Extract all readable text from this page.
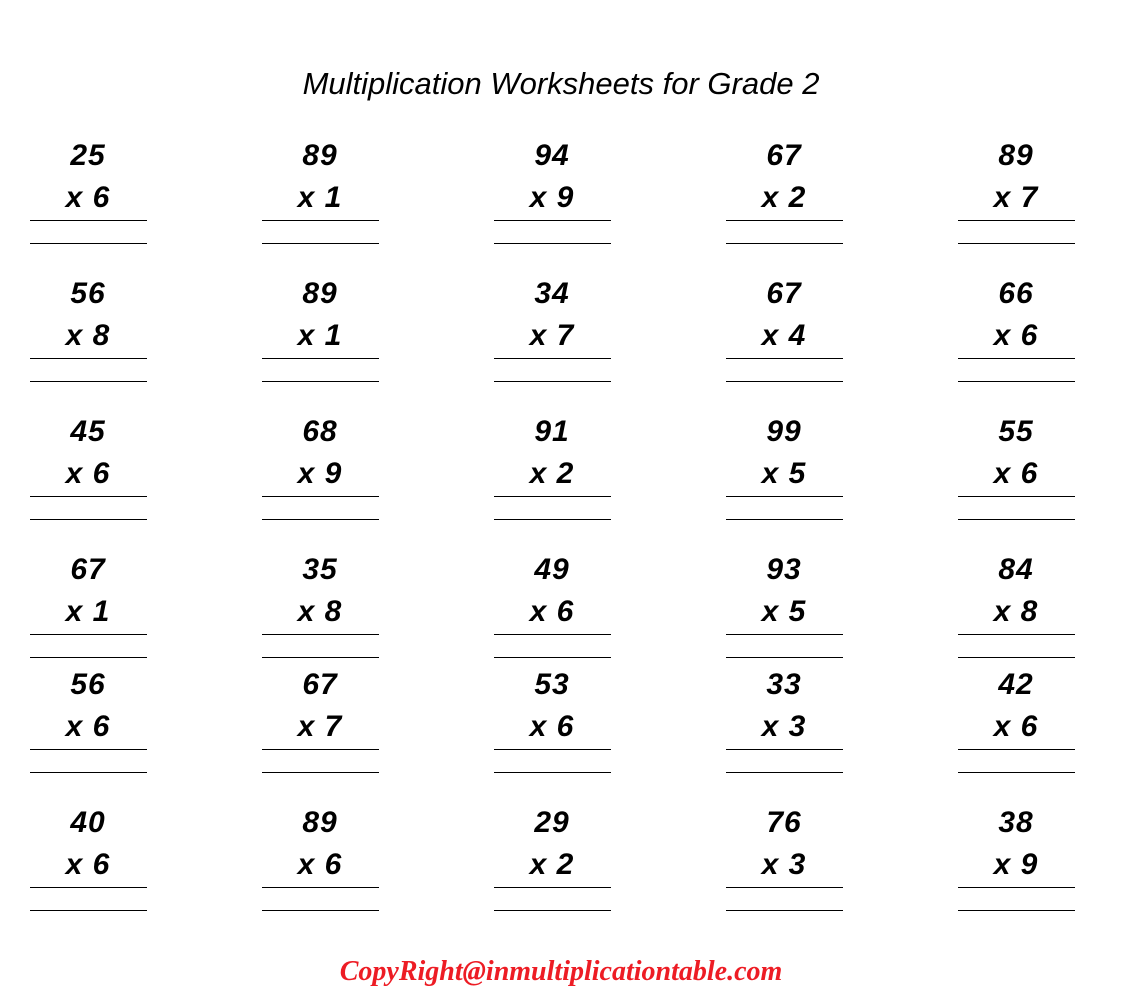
Multiplication Worksheets for Grade 2
25
x 6
89
x 1
94
x 9
67
x 2
89
x 7
56
x 8
89
x 1
34
x 7
67
x 4
66
x 6
45
x 6
68
x 9
91
x 2
99
x 5
55
x 6
67
x 1
35
x 8
49
x 6
93
x 5
84
x 8
56
x 6
67
x 7
53
x 6
33
x 3
42
x 6
40
x 6
89
x 6
29
x 2
76
x 3
38
x 9
CopyRight@inmultiplicationtable.com
